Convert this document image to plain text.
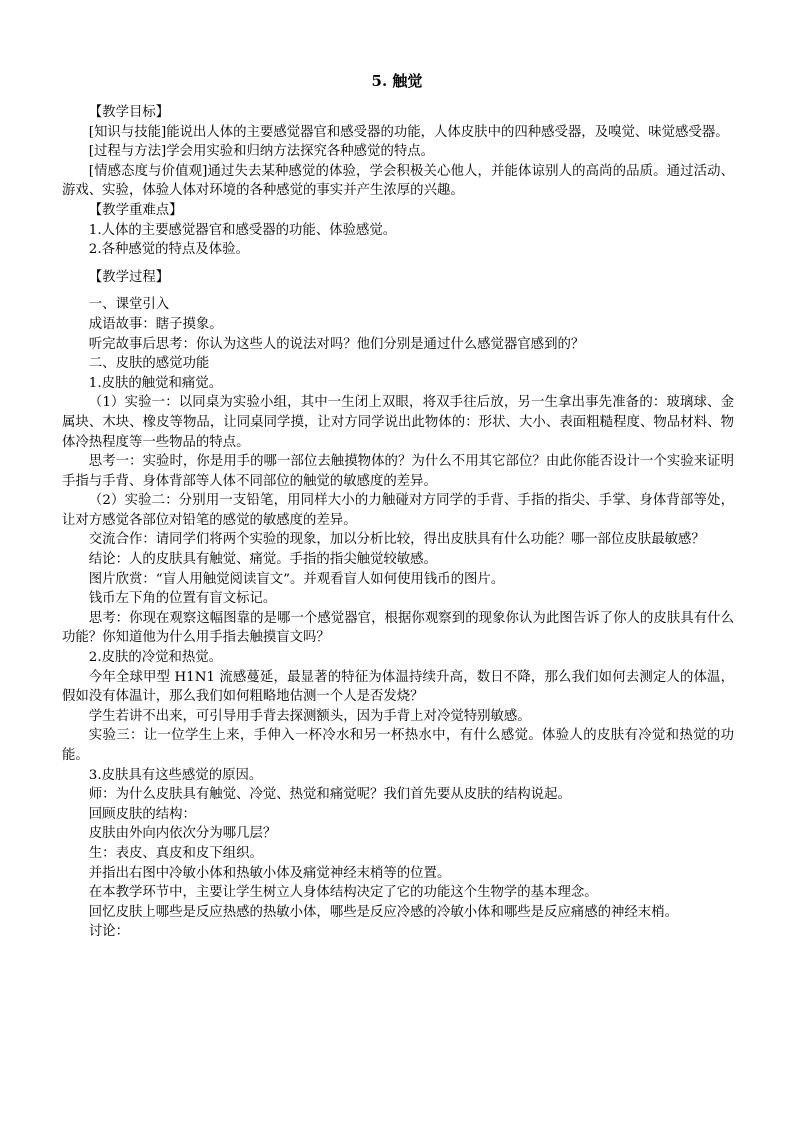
5. 触觉

【教学目标】

[知识与技能]能说出人体的主要感觉器官和感受器的功能，人体皮肤中的四种感受器，及嗅觉、味觉感受器。

[过程与方法]学会用实验和归纳方法探究各种感觉的特点。

[情感态度与价值观]通过失去某种感觉的体验，学会积极关心他人，并能体谅别人的高尚的品质。通过活动、游戏、实验，体验人体对环境的各种感觉的事实并产生浓厚的兴趣。

【教学重难点】

1.人体的主要感觉器官和感受器的功能、体验感觉。

2.各种感觉的特点及体验。

【教学过程】

一、课堂引入

成语故事：瞎子摸象。

听完故事后思考：你认为这些人的说法对吗？他们分别是通过什么感觉器官感到的？

二、皮肤的感觉功能

1.皮肤的触觉和痛觉。

（1）实验一：以同桌为实验小组，其中一生闭上双眼，将双手往后放，另一生拿出事先准备的：玻璃球、金属块、木块、橡皮等物品，让同桌同学摸，让对方同学说出此物体的：形状、大小、表面粗糙程度、物品材料、物体冷热程度等一些物品的特点。

思考一：实验时，你是用手的哪一部位去触摸物体的？为什么不用其它部位？由此你能否设计一个实验来证明手指与手背、身体背部等人体不同部位的触觉的敏感度的差异。

（2）实验二：分别用一支铅笔，用同样大小的力触碰对方同学的手背、手指的指尖、手掌、身体背部等处，让对方感觉各部位对铅笔的感觉的敏感度的差异。

交流合作：请同学们将两个实验的现象，加以分析比较，得出皮肤具有什么功能？哪一部位皮肤最敏感？

结论：人的皮肤具有触觉、痛觉。手指的指尖触觉较敏感。

图片欣赏：“盲人用触觉阅读盲文”。并观看盲人如何使用钱币的图片。

钱币左下角的位置有盲文标记。

思考：你现在观察这幅图靠的是哪一个感觉器官，根据你观察到的现象你认为此图告诉了你人的皮肤具有什么功能？你知道他为什么用手指去触摸盲文吗？

2.皮肤的冷觉和热觉。

今年全球甲型 H1N1 流感蔓延，最显著的特征为体温持续升高，数日不降，那么我们如何去测定人的体温，假如没有体温计，那么我们如何粗略地估测一个人是否发烧？

学生若讲不出来，可引导用手背去探测额头，因为手背上对冷觉特别敏感。

实验三：让一位学生上来，手伸入一杯冷水和另一杯热水中，有什么感觉。体验人的皮肤有冷觉和热觉的功能。

3.皮肤具有这些感觉的原因。

师：为什么皮肤具有触觉、冷觉、热觉和痛觉呢？我们首先要从皮肤的结构说起。

回顾皮肤的结构：

皮肤由外向内依次分为哪几层？

生：表皮、真皮和皮下组织。

并指出右图中冷敏小体和热敏小体及痛觉神经末梢等的位置。

在本教学环节中，主要让学生树立人身体结构决定了它的功能这个生物学的基本理念。

回忆皮肤上哪些是反应热感的热敏小体，哪些是反应冷感的冷敏小体和哪些是反应痛感的神经末梢。

讨论：
